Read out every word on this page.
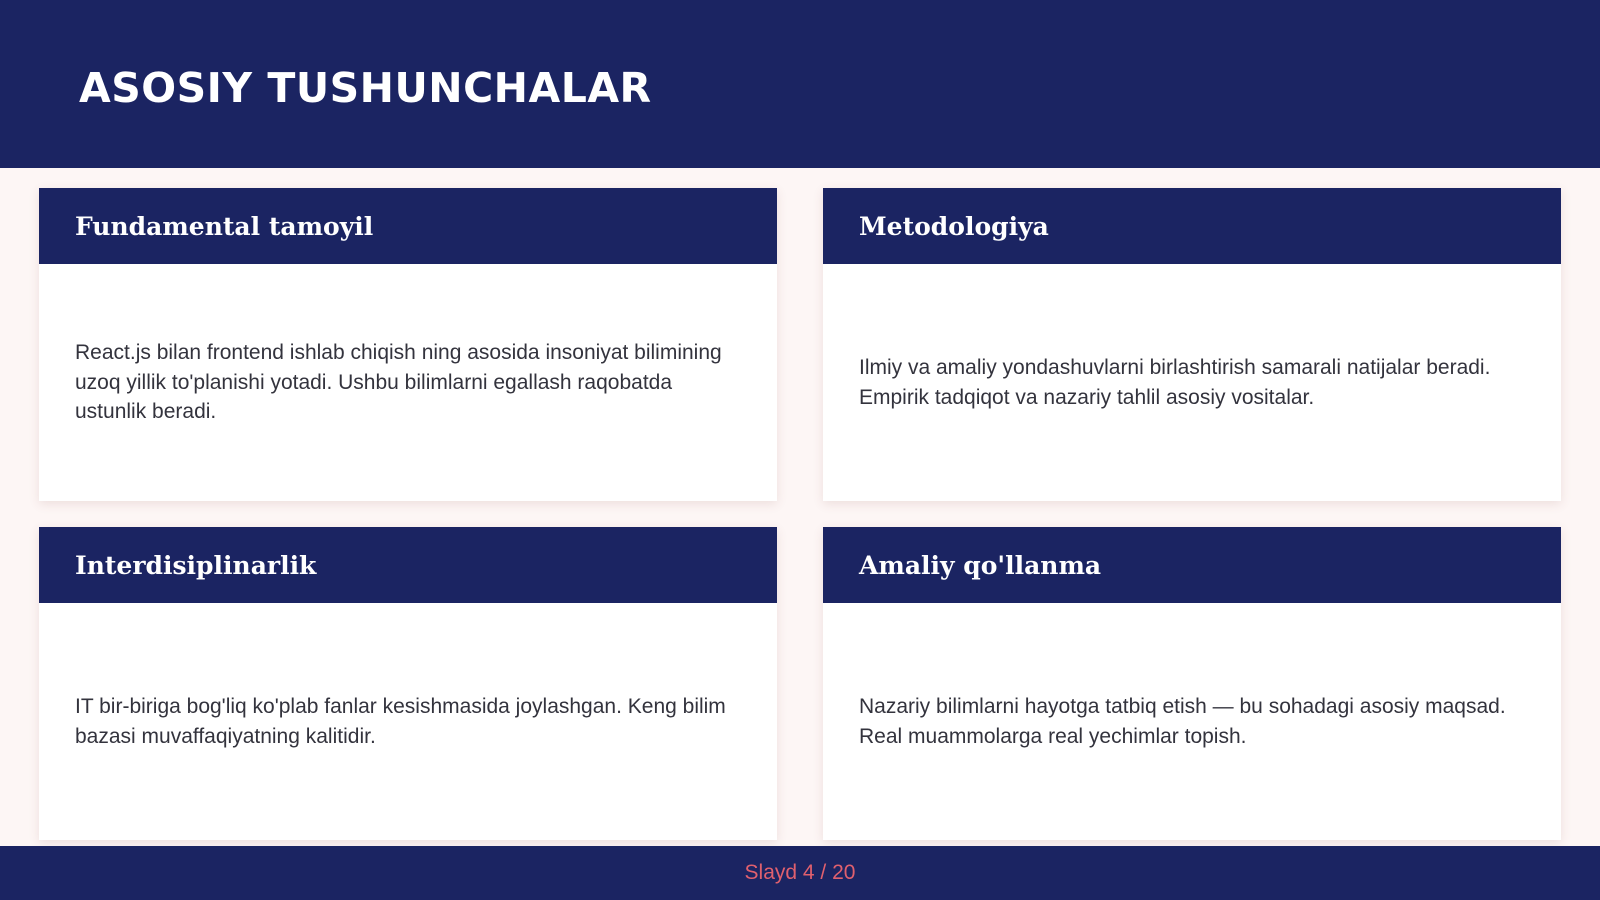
ASOSIY TUSHUNCHALAR
Fundamental tamoyil

React.js bilan frontend ishlab chiqish ning asosida insoniyat bilimining uzoq yillik to'planishi yotadi. Ushbu bilimlarni egallash raqobatda ustunlik beradi.

Metodologiya

Ilmiy va amaliy yondashuvlarni birlashtirish samarali natijalar beradi. Empirik tadqiqot va nazariy tahlil asosiy vositalar.

Interdisiplinarlik

IT bir-biriga bog'liq ko'plab fanlar kesishmasida joylashgan. Keng bilim bazasi muvaffaqiyatning kalitidir.

Amaliy qo'llanma

Nazariy bilimlarni hayotga tatbiq etish — bu sohadagi asosiy maqsad. Real muammolarga real yechimlar topish.

Slayd 4 / 20
